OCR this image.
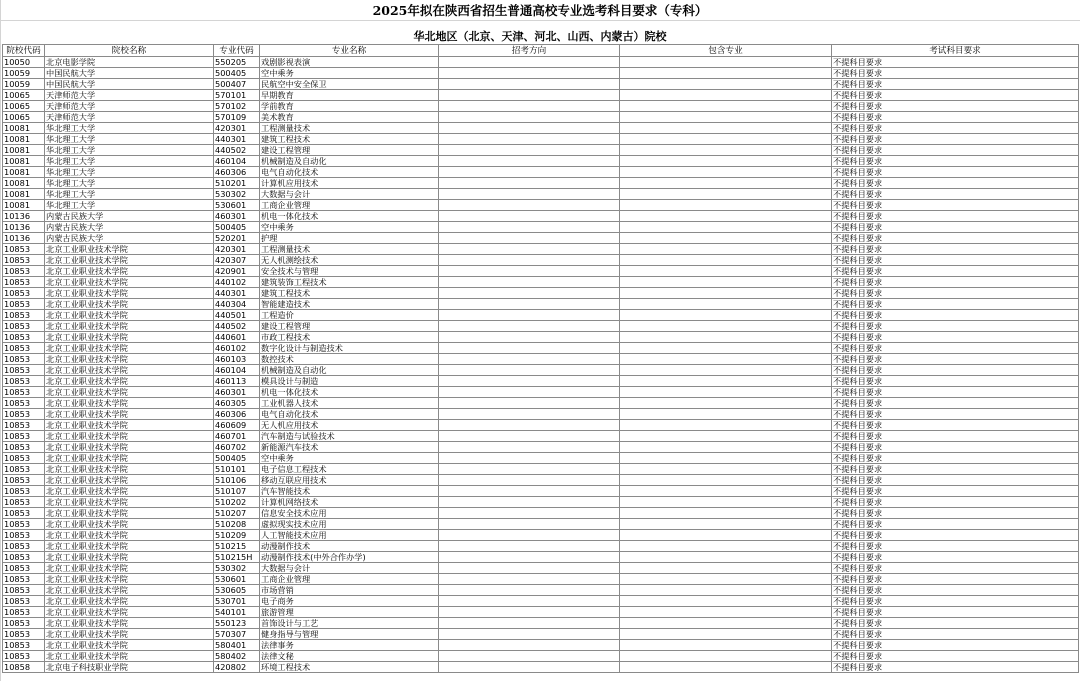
2025年拟在陕西省招生普通高校专业选考科目要求（专科）
华北地区（北京、天津、河北、山西、内蒙古）院校
院校代码	院校名称	专业代码	专业名称	招考方向	包含专业	考试科目要求
10050	北京电影学院	550205	戏剧影视表演			不提科目要求
10059	中国民航大学	500405	空中乘务			不提科目要求
10059	中国民航大学	500407	民航空中安全保卫			不提科目要求
10065	天津师范大学	570101	早期教育			不提科目要求
10065	天津师范大学	570102	学前教育			不提科目要求
10065	天津师范大学	570109	美术教育			不提科目要求
10081	华北理工大学	420301	工程测量技术			不提科目要求
10081	华北理工大学	440301	建筑工程技术			不提科目要求
10081	华北理工大学	440502	建设工程管理			不提科目要求
10081	华北理工大学	460104	机械制造及自动化			不提科目要求
10081	华北理工大学	460306	电气自动化技术			不提科目要求
10081	华北理工大学	510201	计算机应用技术			不提科目要求
10081	华北理工大学	530302	大数据与会计			不提科目要求
10081	华北理工大学	530601	工商企业管理			不提科目要求
10136	内蒙古民族大学	460301	机电一体化技术			不提科目要求
10136	内蒙古民族大学	500405	空中乘务			不提科目要求
10136	内蒙古民族大学	520201	护理			不提科目要求
10853	北京工业职业技术学院	420301	工程测量技术			不提科目要求
10853	北京工业职业技术学院	420307	无人机测绘技术			不提科目要求
10853	北京工业职业技术学院	420901	安全技术与管理			不提科目要求
10853	北京工业职业技术学院	440102	建筑装饰工程技术			不提科目要求
10853	北京工业职业技术学院	440301	建筑工程技术			不提科目要求
10853	北京工业职业技术学院	440304	智能建造技术			不提科目要求
10853	北京工业职业技术学院	440501	工程造价			不提科目要求
10853	北京工业职业技术学院	440502	建设工程管理			不提科目要求
10853	北京工业职业技术学院	440601	市政工程技术			不提科目要求
10853	北京工业职业技术学院	460102	数字化设计与制造技术			不提科目要求
10853	北京工业职业技术学院	460103	数控技术			不提科目要求
10853	北京工业职业技术学院	460104	机械制造及自动化			不提科目要求
10853	北京工业职业技术学院	460113	模具设计与制造			不提科目要求
10853	北京工业职业技术学院	460301	机电一体化技术			不提科目要求
10853	北京工业职业技术学院	460305	工业机器人技术			不提科目要求
10853	北京工业职业技术学院	460306	电气自动化技术			不提科目要求
10853	北京工业职业技术学院	460609	无人机应用技术			不提科目要求
10853	北京工业职业技术学院	460701	汽车制造与试验技术			不提科目要求
10853	北京工业职业技术学院	460702	新能源汽车技术			不提科目要求
10853	北京工业职业技术学院	500405	空中乘务			不提科目要求
10853	北京工业职业技术学院	510101	电子信息工程技术			不提科目要求
10853	北京工业职业技术学院	510106	移动互联应用技术			不提科目要求
10853	北京工业职业技术学院	510107	汽车智能技术			不提科目要求
10853	北京工业职业技术学院	510202	计算机网络技术			不提科目要求
10853	北京工业职业技术学院	510207	信息安全技术应用			不提科目要求
10853	北京工业职业技术学院	510208	虚拟现实技术应用			不提科目要求
10853	北京工业职业技术学院	510209	人工智能技术应用			不提科目要求
10853	北京工业职业技术学院	510215	动漫制作技术			不提科目要求
10853	北京工业职业技术学院	510215H	动漫制作技术(中外合作办学)			不提科目要求
10853	北京工业职业技术学院	530302	大数据与会计			不提科目要求
10853	北京工业职业技术学院	530601	工商企业管理			不提科目要求
10853	北京工业职业技术学院	530605	市场营销			不提科目要求
10853	北京工业职业技术学院	530701	电子商务			不提科目要求
10853	北京工业职业技术学院	540101	旅游管理			不提科目要求
10853	北京工业职业技术学院	550123	首饰设计与工艺			不提科目要求
10853	北京工业职业技术学院	570307	健身指导与管理			不提科目要求
10853	北京工业职业技术学院	580401	法律事务			不提科目要求
10853	北京工业职业技术学院	580402	法律文秘			不提科目要求
10858	北京电子科技职业学院	420802	环境工程技术			不提科目要求
